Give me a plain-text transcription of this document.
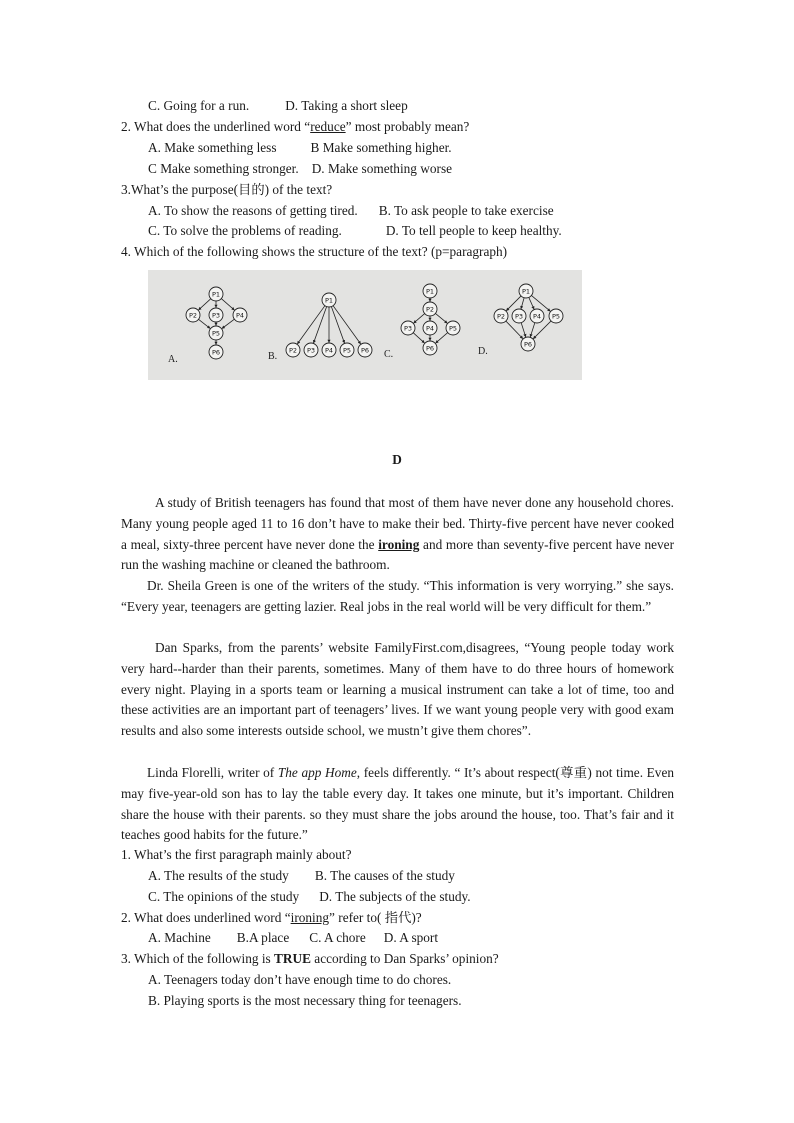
C. Going for a run.	D. Taking a short sleep
2. What does the underlined word “reduce” most probably mean?
A. Make something less	B Make something higher.
C Make something stronger. D. Make something worse
3.What’s the purpose(目的) of the text?
A. To show the reasons of getting tired. B. To ask people to take exercise
C. To solve the problems of reading.	D. To tell people to keep healthy.
4. Which of the following shows the structure of the text? (p=paragraph)
P1
P2 P3 P4
P5
P6
P1
P2 P3 P4 P5 P6
P1
P2
P3 P4 P5
P6
P1
P2 P3 P4 P5
P6
A.	B.	C.	D.
D
A study of British teenagers has found that most of them have never done any household chores. Many young people aged 11 to 16 don’t have to make their bed. Thirty-five percent have never cooked a meal, sixty-three percent have never done the ironing and more than seventy-five percent have never run the washing machine or cleaned the bathroom.
Dr. Sheila Green is one of the writers of the study. “This information is very worrying.” she says. “Every year, teenagers are getting lazier. Real jobs in the real world will be very difficult for them.”
Dan Sparks, from the parents’ website FamilyFirst.com,disagrees, “Young people today work very hard--harder than their parents, sometimes. Many of them have to do three hours of homework every night. Playing in a sports team or learning a musical instrument can take a lot of time, too and these activities are an important part of teenagers’ lives. If we want young people very with good exam results and also some interests outside school, we mustn’t give them chores”.
Linda Florelli, writer of The app Home, feels differently. “ It’s about respect(尊重) not time. Even may five-year-old son has to lay the table every day. It takes one minute, but it’s important. Children share the house with their parents. so they must share the jobs around the house, too. That’s fair and it teaches good habits for the future.”
1. What’s the first paragraph mainly about?
A. The results of the study B. The causes of the study
C. The opinions of the study D. The subjects of the study.
2. What does underlined word “ironing” refer to( 指代)?
A. Machine B.A place C. A chore D. A sport
3. Which of the following is TRUE according to Dan Sparks’ opinion?
A. Teenagers today don’t have enough time to do chores.
B. Playing sports is the most necessary thing for teenagers.
